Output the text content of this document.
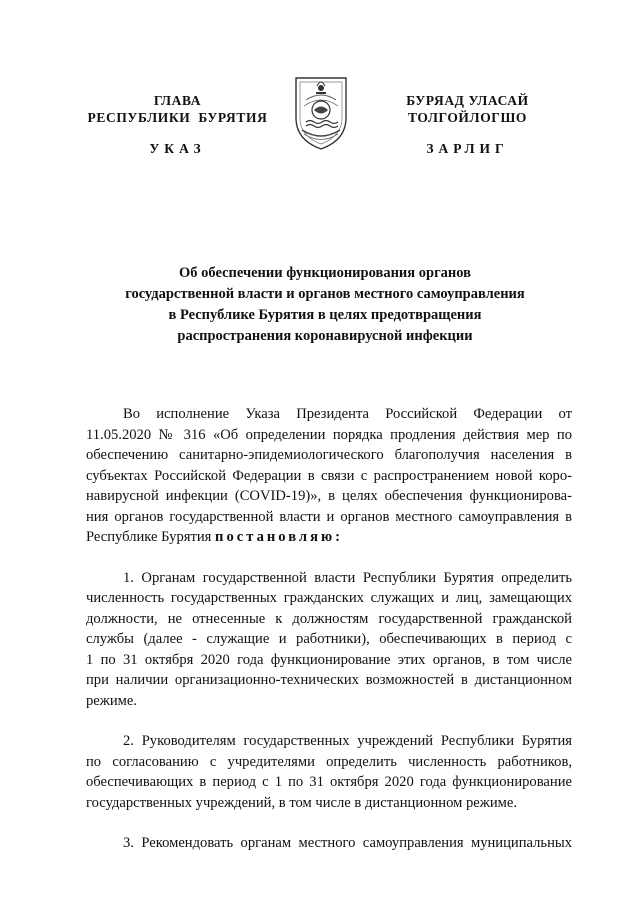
ГЛАВА
РЕСПУБЛИКИ  БУРЯТИЯ
БУРЯАД УЛАСАЙ
ТОЛГОЙЛОГШО
УКАЗ	ЗАРЛИГ
Об обеспечении функционирования органов
государственной власти и органов местного самоуправления
в Республике Бурятия в целях предотвращения
распространения коронавирусной инфекции
Во  исполнение  Указа  Президента  Российской  Федерации  от
11.05.2020 № 316 «Об определении порядка продления действия мер по
обеспечению санитарно-эпидемиологического благополучия населения в
субъектах Российской Федерации в связи с распространением новой коро-
навирусной инфекции (COVID-19)», в целях обеспечения функционирова-
ния органов государственной власти и органов местного самоуправления в
Республике Бурятия постановляю:
1. Органам государственной власти Республики Бурятия определить
численность государственных гражданских служащих и лиц, замещающих
должности, не отнесенные к должностям государственной гражданской
службы (далее - служащие и работники), обеспечивающих в период с
1 по 31 октября 2020 года функционирование этих органов, в том числе
при наличии организационно-технических возможностей в дистанционном
режиме.
2. Руководителям государственных учреждений Республики Бурятия
по согласованию с учредителями определить численность работников,
обеспечивающих в период с 1 по 31 октября 2020 года функционирование
государственных учреждений, в том числе в дистанционном режиме.
3. Рекомендовать органам местного самоуправления муниципальных
